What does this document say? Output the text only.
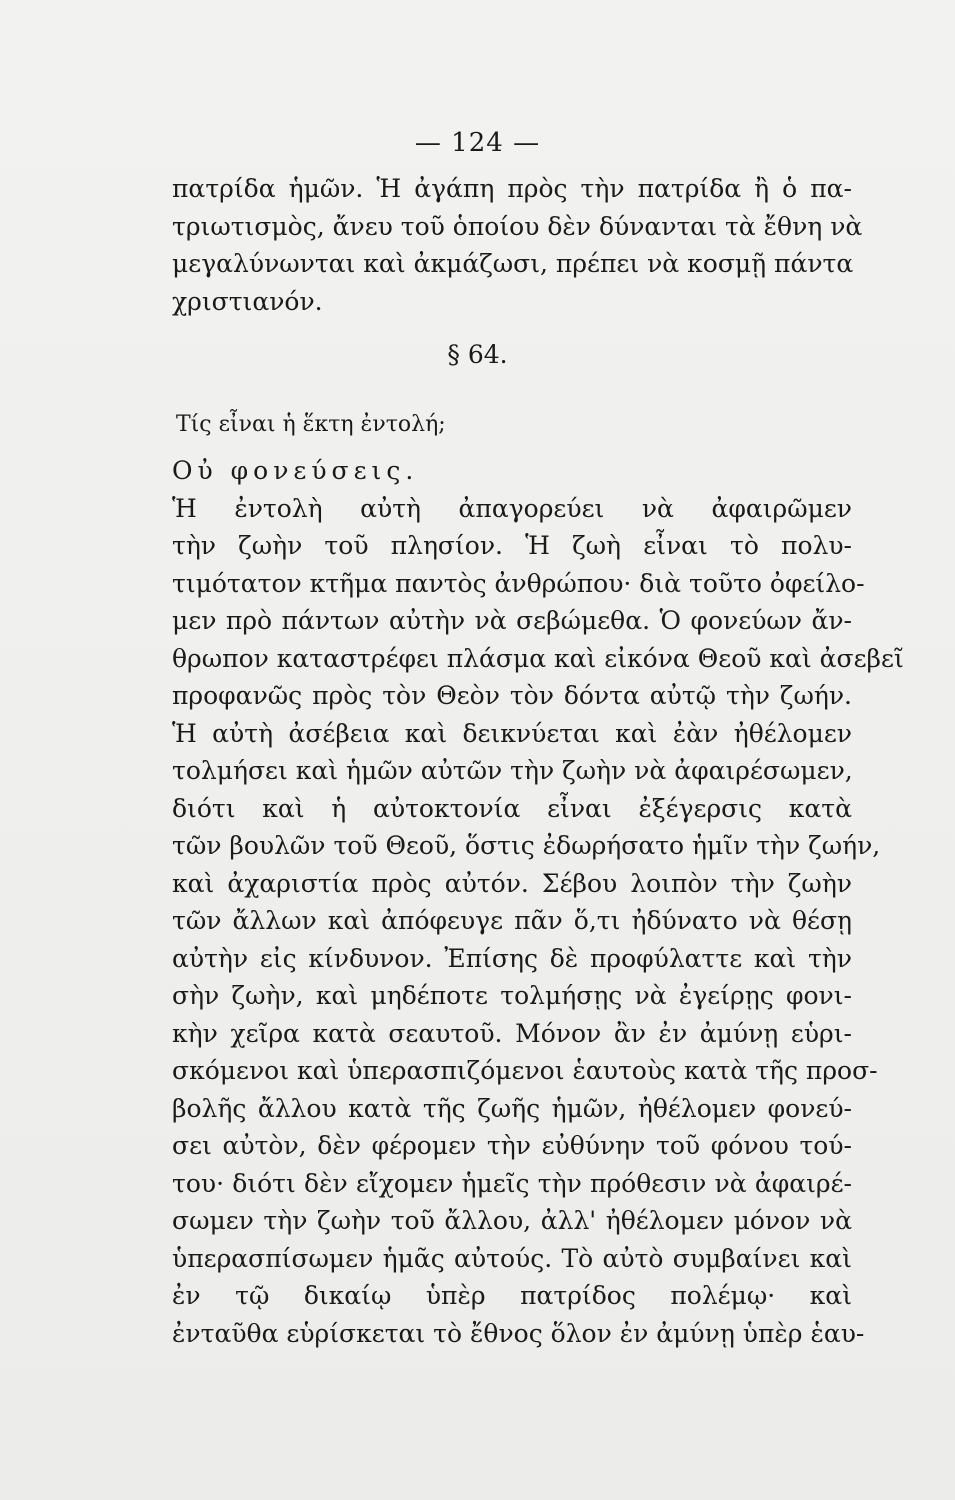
— 124 —
πατρίδα ἡμῶν. Ἡ ἀγάπη πρὸς τὴν πατρίδα ἢ ὁ πα-
τριωτισμὸς, ἄνευ τοῦ ὁποίου δὲν δύνανται τὰ ἔθνη νὰ
μεγαλύνωνται καὶ ἀκμάζωσι, πρέπει νὰ κοσμῇ πάντα
χριστιανόν.
§ 64.
Τίς εἶναι ἡ ἕκτη ἐντολή;
Οὐ φονεύσεις.
Ἡ ἐντολὴ αὐτὴ ἀπαγορεύει νὰ ἀφαιρῶμεν
τὴν ζωὴν τοῦ πλησίον. Ἡ ζωὴ εἶναι τὸ πολυ-
τιμότατον κτῆμα παντὸς ἀνθρώπου· διὰ τοῦτο ὀφείλο-
μεν πρὸ πάντων αὐτὴν νὰ σεβώμεθα. Ὁ φονεύων ἄν-
θρωπον καταστρέφει πλάσμα καὶ εἰκόνα Θεοῦ καὶ ἀσεβεῖ
προφανῶς πρὸς τὸν Θεὸν τὸν δόντα αὐτῷ τὴν ζωήν.
Ἡ αὐτὴ ἀσέβεια καὶ δεικνύεται καὶ ἐὰν ἠθέλομεν
τολμήσει καὶ ἡμῶν αὐτῶν τὴν ζωὴν νὰ ἀφαιρέσωμεν,
διότι καὶ ἡ αὐτοκτονία εἶναι ἐξέγερσις κατὰ
τῶν βουλῶν τοῦ Θεοῦ, ὅστις ἐδωρήσατο ἡμῖν τὴν ζωήν,
καὶ ἀχαριστία πρὸς αὐτόν. Σέβου λοιπὸν τὴν ζωὴν
τῶν ἄλλων καὶ ἀπόφευγε πᾶν ὅ,τι ἠδύνατο νὰ θέσῃ
αὐτὴν εἰς κίνδυνον. Ἐπίσης δὲ προφύλαττε καὶ τὴν
σὴν ζωὴν, καὶ μηδέποτε τολμήσῃς νὰ ἐγείρῃς φονι-
κὴν χεῖρα κατὰ σεαυτοῦ. Μόνον ἂν ἐν ἀμύνῃ εὑρι-
σκόμενοι καὶ ὑπερασπιζόμενοι ἑαυτοὺς κατὰ τῆς προσ-
βολῆς ἄλλου κατὰ τῆς ζωῆς ἡμῶν, ἠθέλομεν φονεύ-
σει αὐτὸν, δὲν φέρομεν τὴν εὐθύνην τοῦ φόνου τού-
του· διότι δὲν εἴχομεν ἡμεῖς τὴν πρόθεσιν νὰ ἀφαιρέ-
σωμεν τὴν ζωὴν τοῦ ἄλλου, ἀλλ' ἠθέλομεν μόνον νὰ
ὑπερασπίσωμεν ἡμᾶς αὐτούς. Τὸ αὐτὸ συμβαίνει καὶ
ἐν τῷ δικαίῳ ὑπὲρ πατρίδος πολέμῳ· καὶ
ἐνταῦθα εὑρίσκεται τὸ ἔθνος ὅλον ἐν ἀμύνῃ ὑπὲρ ἑαυ-
